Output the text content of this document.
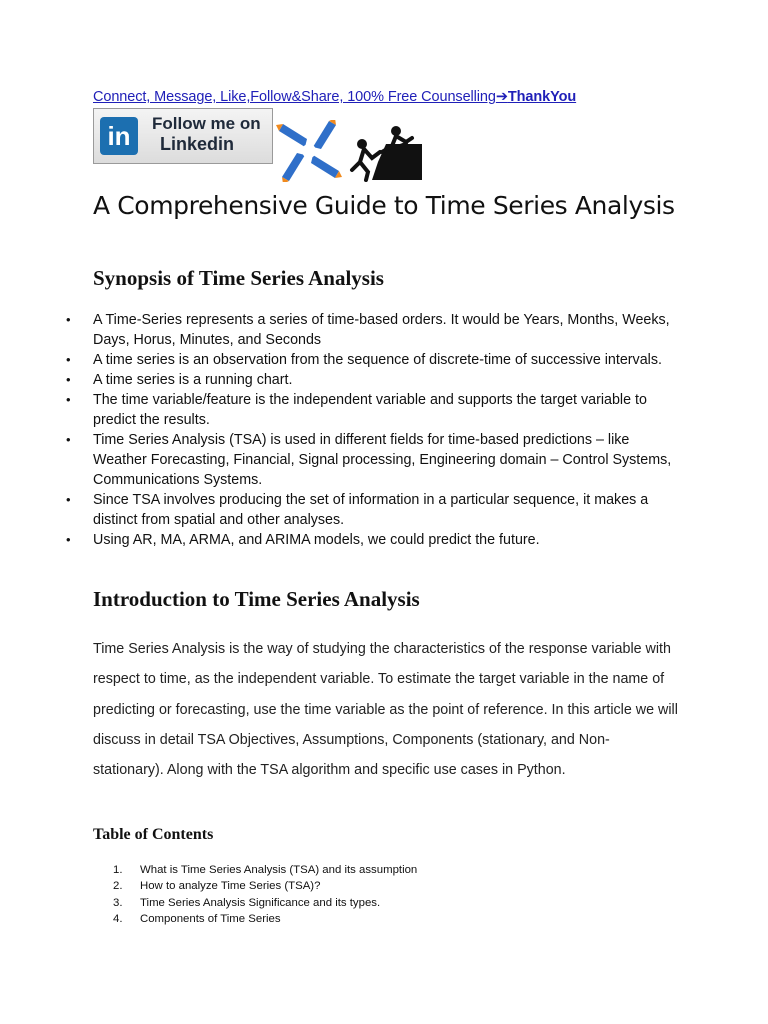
Connect, Message, Like,Follow&Share, 100% Free Counselling➔ThankYou
in	Follow me on
Linkedin
A Comprehensive Guide to Time Series Analysis
Synopsis of Time Series Analysis
• A Time-Series represents a series of time-based orders. It would be Years, Months, Weeks, Days, Horus, Minutes, and Seconds
• A time series is an observation from the sequence of discrete-time of successive intervals.
• A time series is a running chart.
• The time variable/feature is the independent variable and supports the target variable to predict the results.
• Time Series Analysis (TSA) is used in different fields for time-based predictions – like Weather Forecasting, Financial, Signal processing, Engineering domain – Control Systems, Communications Systems.
• Since TSA involves producing the set of information in a particular sequence, it makes a distinct from spatial and other analyses.
• Using AR, MA, ARMA, and ARIMA models, we could predict the future.
Introduction to Time Series Analysis

Time Series Analysis is the way of studying the characteristics of the response variable with respect to time, as the independent variable. To estimate the target variable in the name of predicting or forecasting, use the time variable as the point of reference. In this article we will discuss in detail TSA Objectives, Assumptions, Components (stationary, and Non- stationary). Along with the TSA algorithm and specific use cases in Python.

Table of Contents
1. What is Time Series Analysis (TSA) and its assumption
2. How to analyze Time Series (TSA)?
3. Time Series Analysis Significance and its types.
4. Components of Time Series
